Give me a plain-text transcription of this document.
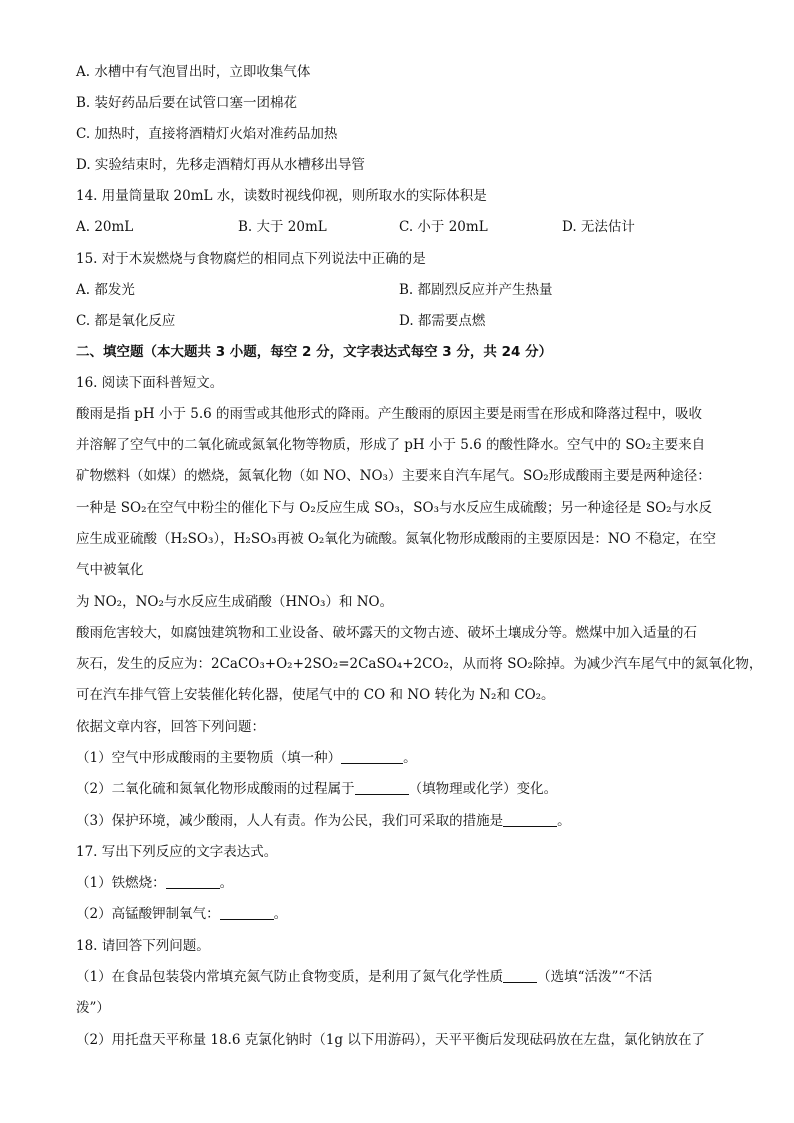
A. 水槽中有气泡冒出时，立即收集气体
B. 装好药品后要在试管口塞一团棉花
C. 加热时，直接将酒精灯火焰对准药品加热
D. 实验结束时，先移走酒精灯再从水槽移出导管
14. 用量筒量取 20mL 水，读数时视线仰视，则所取水的实际体积是
A. 20mL	B. 大于 20mL	C. 小于 20mL	D. 无法估计
15. 对于木炭燃烧与食物腐烂的相同点下列说法中正确的是
A. 都发光	B. 都剧烈反应并产生热量
C. 都是氧化反应	D. 都需要点燃
二、填空题（本大题共 3 小题，每空 2 分，文字表达式每空 3 分，共 24 分）
16. 阅读下面科普短文。
酸雨是指 pH 小于 5.6 的雨雪或其他形式的降雨。产生酸雨的原因主要是雨雪在形成和降落过程中，吸收
并溶解了空气中的二氧化硫或氮氧化物等物质，形成了 pH 小于 5.6 的酸性降水。空气中的 SO₂主要来自
矿物燃料（如煤）的燃烧，氮氧化物（如 NO、NO₃）主要来自汽车尾气。SO₂形成酸雨主要是两种途径：
一种是 SO₂在空气中粉尘的催化下与 O₂反应生成 SO₃，SO₃与水反应生成硫酸；另一种途径是 SO₂与水反
应生成亚硫酸（H₂SO₃），H₂SO₃再被 O₂氧化为硫酸。氮氧化物形成酸雨的主要原因是：NO 不稳定，在空
气中被氧化
为 NO₂，NO₂与水反应生成硝酸（HNO₃）和 NO。
酸雨危害较大，如腐蚀建筑物和工业设备、破坏露天的文物古迹、破坏土壤成分等。燃煤中加入适量的石
灰石，发生的反应为：2CaCO₃+O₂+2SO₂=2CaSO₄+2CO₂，从而将 SO₂除掉。为减少汽车尾气中的氮氧化物，
可在汽车排气管上安装催化转化器，使尾气中的 CO 和 NO 转化为 N₂和 CO₂。
依据文章内容，回答下列问题：
（1）空气中形成酸雨的主要物质（填一种）	。
（2）二氧化硫和氮氧化物形成酸雨的过程属于	（填物理或化学）变化。
（3）保护环境，减少酸雨，人人有责。作为公民，我们可采取的措施是	。
17. 写出下列反应的文字表达式。
（1）铁燃烧：	。
（2）高锰酸钾制氧气：	。
18. 请回答下列问题。
（1）在食品包装袋内常填充氮气防止食物变质，是利用了氮气化学性质	（选填“活泼”“不活
泼”）
（2）用托盘天平称量 18.6 克氯化钠时（1g 以下用游码），天平平衡后发现砝码放在左盘，氯化钠放在了
